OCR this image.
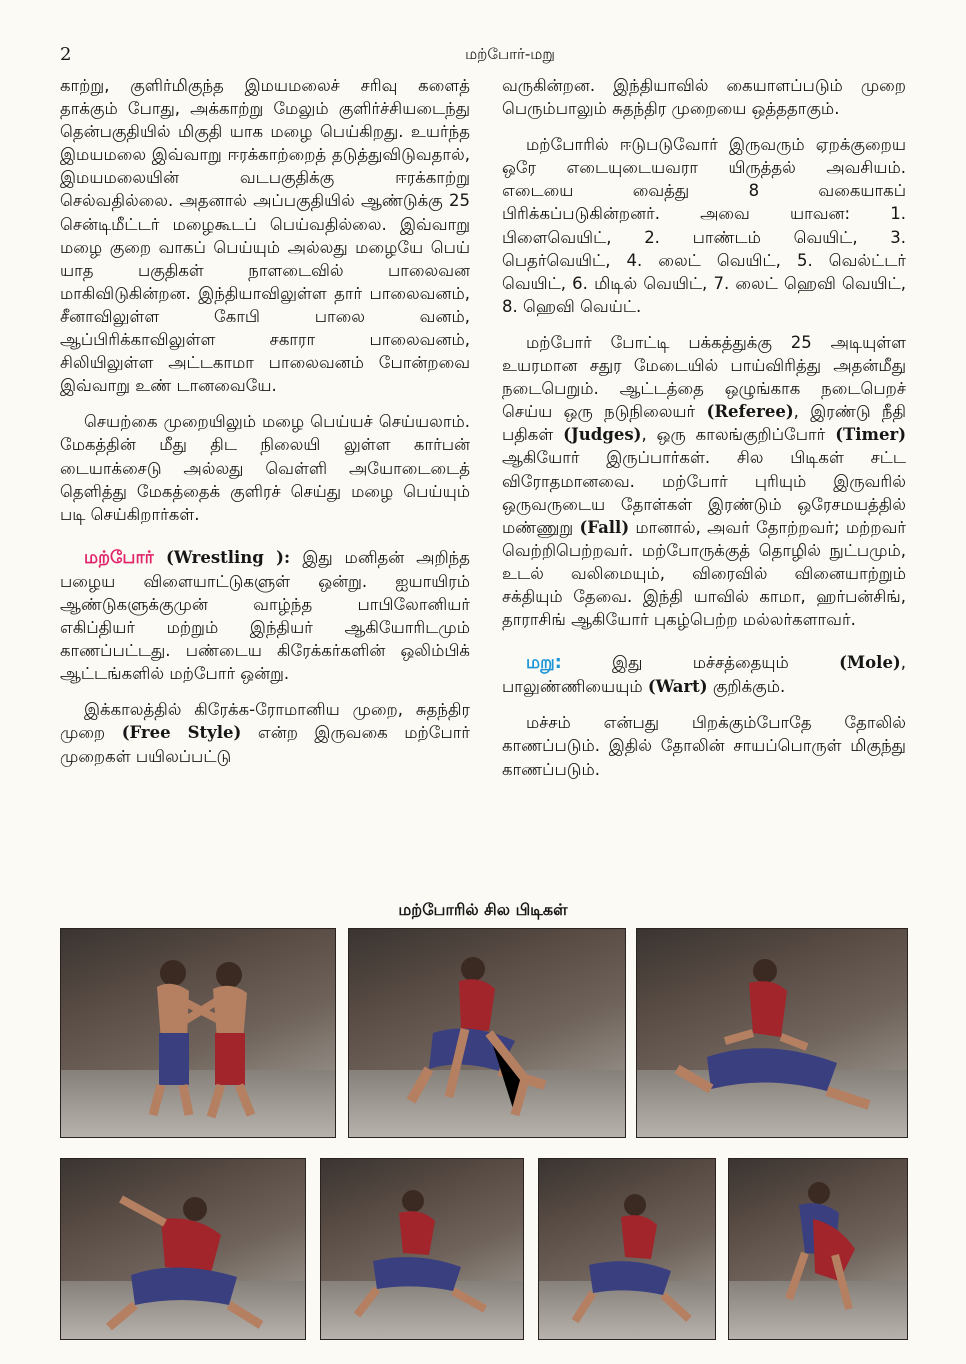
2	மற்போர்-மறு

காற்று, குளிர்மிகுந்த இமயமலைச் சரிவு களைத் தாக்கும் போது, அக்காற்று மேலும் குளிர்ச்சியடைந்து தென்பகுதியில் மிகுதி யாக மழை பெய்கிறது. உயர்ந்த இமயமலை இவ்வாறு ஈரக்காற்றைத் தடுத்துவிடுவதால், இமயமலையின் வடபகுதிக்கு ஈரக்காற்று செல்வதில்லை. அதனால் அப்பகுதியில் ஆண்டுக்கு 25 சென்டிமீட்டர் மழைகூடப் பெய்வதில்லை. இவ்வாறு மழை குறை வாகப் பெய்யும் அல்லது மழையே பெய் யாத பகுதிகள் நாளடைவில் பாலைவன மாகிவிடுகின்றன. இந்தியாவிலுள்ள தார் பாலைவனம், சீனாவிலுள்ள கோபி பாலை வனம், ஆப்பிரிக்காவிலுள்ள சகாரா பாலைவனம், சிலியிலுள்ள அட்டகாமா பாலைவனம் போன்றவை இவ்வாறு உண் டானவையே.

செயற்கை முறையிலும் மழை பெய்யச் செய்யலாம். மேகத்தின் மீது திட நிலையி லுள்ள கார்பன் டையாக்சைடு அல்லது வெள்ளி அயோடைடைத் தெளித்து மேகத்தைக் குளிரச் செய்து மழை பெய்யும் படி செய்கிறார்கள்.

மற்போர் (Wrestling ): இது மனிதன் அறிந்த பழைய விளையாட்டுகளுள் ஒன்று. ஐயாயிரம் ஆண்டுகளுக்குமுன் வாழ்ந்த பாபிலோனியர் எகிப்தியர் மற்றும் இந்தியர் ஆகியோரிடமும் காணப்பட்டது. பண்டைய கிரேக்கர்களின் ஒலிம்பிக் ஆட்டங்களில் மற்போர் ஒன்று.

இக்காலத்தில் கிரேக்க-ரோமானிய முறை, சுதந்திர முறை (Free Style) என்ற இருவகை மற்போர் முறைகள் பயிலப்பட்டு

வருகின்றன. இந்தியாவில் கையாளப்படும் முறை பெரும்பாலும் சுதந்திர முறையை ஒத்ததாகும்.

மற்போரில் ஈடுபடுவோர் இருவரும் ஏறக்குறைய ஒரே எடையுடையவரா யிருத்தல் அவசியம். எடையை வைத்து 8 வகையாகப் பிரிக்கப்படுகின்றனர். அவை யாவன: 1. பிளைவெயிட், 2. பாண்டம் வெயிட், 3. பெதர்வெயிட், 4. லைட் வெயிட், 5. வெல்ட்டர் வெயிட், 6. மிடில் வெயிட், 7. லைட் ஹெவி வெயிட், 8. ஹெவி வெய்ட்.

மற்போர் போட்டி பக்கத்துக்கு 25 அடியுள்ள உயரமான சதுர மேடையில் பாய்விரித்து அதன்மீது நடைபெறும். ஆட்டத்தை ஒழுங்காக நடைபெறச் செய்ய ஒரு நடுநிலையர் (Referee), இரண்டு நீதி பதிகள் (Judges), ஒரு காலங்குறிப்போர் (Timer) ஆகியோர் இருப்பார்கள். சில பிடிகள் சட்ட விரோதமானவை. மற்போர் புரியும் இருவரில் ஒருவருடைய தோள்கள் இரண்டும் ஒரேசமயத்தில் மண்ணுறு (Fall) மானால், அவர் தோற்றவர்; மற்றவர் வெற்றிபெற்றவர். மற்போருக்குத் தொழில் நுட்பமும், உடல் வலிமையும், விரைவில் வினையாற்றும் சக்தியும் தேவை. இந்தி யாவில் காமா, ஹர்பன்சிங், தாராசிங் ஆகியோர் புகழ்பெற்ற மல்லர்களாவர்.

மறு: இது மச்சத்தையும் (Mole), பாலுண்ணியையும் (Wart) குறிக்கும்.

மச்சம் என்பது பிறக்கும்போதே தோலில் காணப்படும். இதில் தோலின் சாயப்பொருள் மிகுந்து காணப்படும்.

மற்போரில் சில பிடிகள்
